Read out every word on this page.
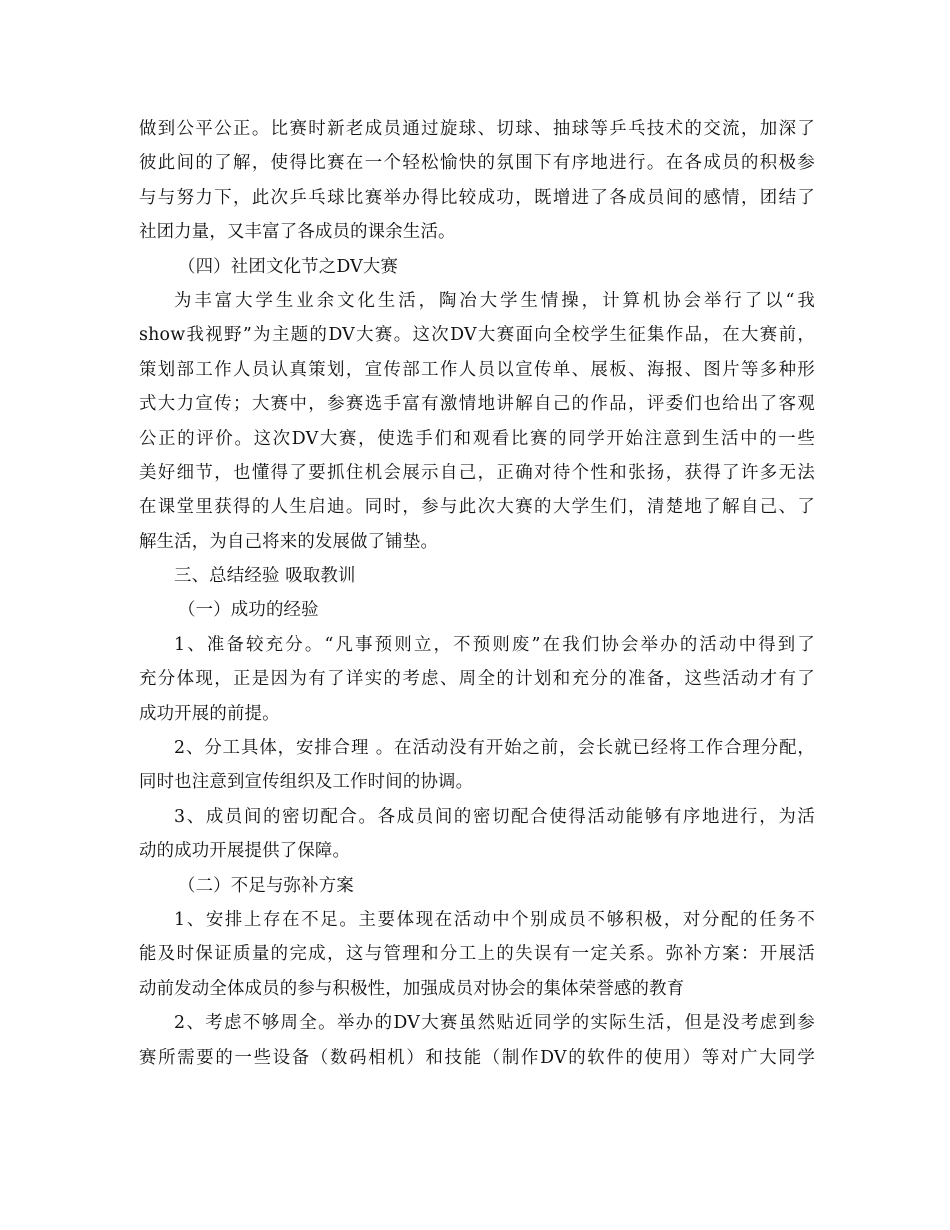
做到公平公正。比赛时新老成员通过旋球、切球、抽球等乒乓技术的交流，加深了
彼此间的了解，使得比赛在一个轻松愉快的氛围下有序地进行。在各成员的积极参
与与努力下，此次乒乓球比赛举办得比较成功，既增进了各成员间的感情，团结了
社团力量，又丰富了各成员的课余生活。
（四）社团文化节之DV大赛
为丰富大学生业余文化生活，陶冶大学生情操，计算机协会举行了以“我
show我视野”为主题的DV大赛。这次DV大赛面向全校学生征集作品，在大赛前，
策划部工作人员认真策划，宣传部工作人员以宣传单、展板、海报、图片等多种形
式大力宣传；大赛中，参赛选手富有激情地讲解自己的作品，评委们也给出了客观
公正的评价。这次DV大赛，使选手们和观看比赛的同学开始注意到生活中的一些
美好细节，也懂得了要抓住机会展示自己，正确对待个性和张扬，获得了许多无法
在课堂里获得的人生启迪。同时，参与此次大赛的大学生们，清楚地了解自己、了
解生活，为自己将来的发展做了铺垫。
三、总结经验 吸取教训
（一）成功的经验
1、准备较充分。“凡事预则立，不预则废”在我们协会举办的活动中得到了
充分体现，正是因为有了详实的考虑、周全的计划和充分的准备，这些活动才有了
成功开展的前提。
2、分工具体，安排合理 。在活动没有开始之前，会长就已经将工作合理分配，
同时也注意到宣传组织及工作时间的协调。
3、成员间的密切配合。各成员间的密切配合使得活动能够有序地进行，为活
动的成功开展提供了保障。
（二）不足与弥补方案
1、安排上存在不足。主要体现在活动中个别成员不够积极，对分配的任务不
能及时保证质量的完成，这与管理和分工上的失误有一定关系。弥补方案：开展活
动前发动全体成员的参与积极性，加强成员对协会的集体荣誉感的教育
2、考虑不够周全。举办的DV大赛虽然贴近同学的实际生活，但是没考虑到参
赛所需要的一些设备（数码相机）和技能（制作DV的软件的使用）等对广大同学
